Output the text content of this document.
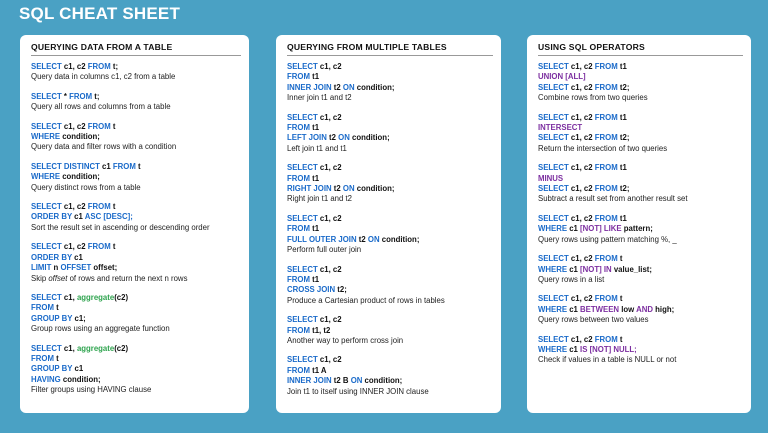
SQL CHEAT SHEET
QUERYING DATA FROM A TABLE
SELECT c1, c2 FROM t;
Query data in columns c1, c2 from a table
SELECT * FROM t;
Query all rows and columns from a table
SELECT c1, c2 FROM t
WHERE condition;
Query data and filter rows with a condition
SELECT DISTINCT c1 FROM t
WHERE condition;
Query distinct rows from a table
SELECT c1, c2 FROM t
ORDER BY c1 ASC [DESC];
Sort the result set in ascending or descending order
SELECT c1, c2 FROM t
ORDER BY c1
LIMIT n OFFSET offset;
Skip offset of rows and return the next n rows
SELECT c1, aggregate(c2)
FROM t
GROUP BY c1;
Group rows using an aggregate function
SELECT c1, aggregate(c2)
FROM t
GROUP BY c1
HAVING condition;
Filter groups using HAVING clause
QUERYING FROM MULTIPLE TABLES
SELECT c1, c2
FROM t1
INNER JOIN t2 ON condition;
Inner join t1 and t2
SELECT c1, c2
FROM t1
LEFT JOIN t2 ON condition;
Left join t1 and t1
SELECT c1, c2
FROM t1
RIGHT JOIN t2 ON condition;
Right join t1 and t2
SELECT c1, c2
FROM t1
FULL OUTER JOIN t2 ON condition;
Perform full outer join
SELECT c1, c2
FROM t1
CROSS JOIN t2;
Produce a Cartesian product of rows in tables
SELECT c1, c2
FROM t1, t2
Another way to perform cross join
SELECT c1, c2
FROM t1 A
INNER JOIN t2 B ON condition;
Join t1 to itself using INNER JOIN clause
USING SQL OPERATORS
SELECT c1, c2 FROM t1
UNION [ALL]
SELECT c1, c2 FROM t2;
Combine rows from two queries
SELECT c1, c2 FROM t1
INTERSECT
SELECT c1, c2 FROM t2;
Return the intersection of two queries
SELECT c1, c2 FROM t1
MINUS
SELECT c1, c2 FROM t2;
Subtract a result set from another result set
SELECT c1, c2 FROM t1
WHERE c1 [NOT] LIKE pattern;
Query rows using pattern matching %, _
SELECT c1, c2 FROM t
WHERE c1 [NOT] IN value_list;
Query rows in a list
SELECT c1, c2 FROM t
WHERE c1 BETWEEN low AND high;
Query rows between two values
SELECT c1, c2 FROM t
WHERE c1 IS [NOT] NULL;
Check if values in a table is NULL or not
